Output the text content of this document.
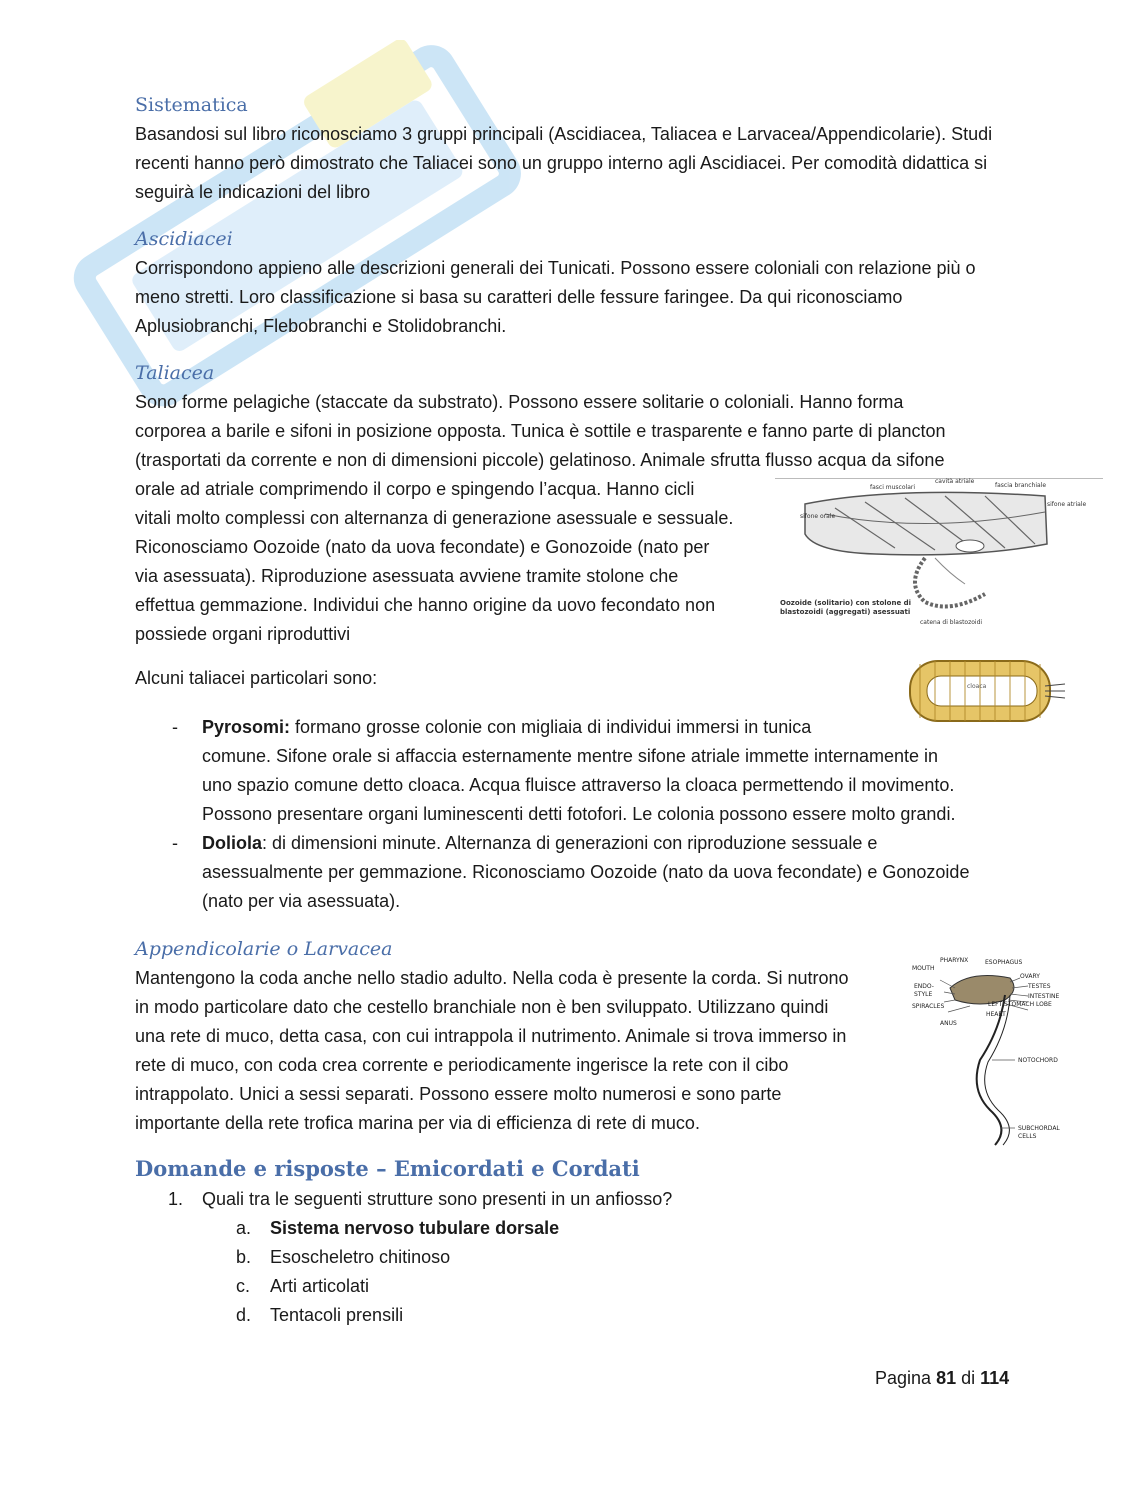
Sistematica

Basandosi sul libro riconosciamo 3 gruppi principali (Ascidiacea, Taliacea e Larvacea/Appendicolarie). Studi recenti hanno però dimostrato che Taliacei sono un gruppo interno agli Ascidiacei. Per comodità didattica si seguirà le indicazioni del libro

Ascidiacei

Corrispondono appieno alle descrizioni generali dei Tunicati. Possono essere coloniali con relazione più o meno stretti. Loro classificazione si basa su caratteri delle fessure faringee. Da qui riconosciamo Aplusiobranchi, Flebobranchi e Stolidobranchi.

Taliacea
Sono forme pelagiche (staccate da substrato). Possono essere solitarie o coloniali. Hanno forma
corporea a barile e sifoni in posizione opposta. Tunica è sottile e trasparente e fanno parte di plancton
(trasportati da corrente e non di dimensioni piccole) gelatinoso. Animale sfrutta flusso acqua da sifone
orale ad atriale comprimendo il corpo e spingendo l’acqua. Hanno cicli
vitali molto complessi con alternanza di generazione asessuale e sessuale.
Riconosciamo Oozoide (nato da uova fecondate) e Gonozoide (nato per
via asessuata). Riproduzione asessuata avviene tramite stolone che
effettua gemmazione. Individui che hanno origine da uovo fecondato non
possiede organi riproduttivi
fasci muscolari
cavità atriale
fascia branchiale
sifone atriale
sifone orale
Oozoide (solitario) con stolone di
blastozoidi (aggregati) asessuati
catena di blastozoidi
Alcuni taliacei particolari sono:	cloaca
- Pyrosomi: formano grosse colonie con migliaia di individui immersi in tunica
comune. Sifone orale si affaccia esternamente mentre sifone atriale immette internamente in
uno spazio comune detto cloaca. Acqua fluisce attraverso la cloaca permettendo il movimento.
Possono presentare organi luminescenti detti fotofori. Le colonia possono essere molto grandi.
- Doliola: di dimensioni minute. Alternanza di generazioni con riproduzione sessuale e
asessualmente per gemmazione. Riconosciamo Oozoide (nato da uova fecondate) e Gonozoide
(nato per via asessuata).
Appendicolarie o Larvacea
Mantengono la coda anche nello stadio adulto. Nella coda è presente la corda. Si nutrono
in modo particolare dato che cestello branchiale non è ben sviluppato. Utilizzano quindi
una rete di muco, detta casa, con cui intrappola il nutrimento. Animale si trova immerso in
rete di muco, con coda crea corrente e periodicamente ingerisce la rete con il cibo
intrappolato. Unici a sessi separati. Possono essere molto numerosi e sono parte
importante della rete trofica marina per via di efficienza di rete di muco.
PHARYNX	ESOPHAGUS
MOUTH
OVARY
TESTES
ENDO-
STYLE	INTESTINE
SPIRACLES	LEFT STOMACH LOBE
HEART
ANUS
NOTOCHORD
SUBCHORDAL
CELLS
Domande e risposte – Emicordati e Cordati
1. Quali tra le seguenti strutture sono presenti in un anfiosso?
a. Sistema nervoso tubulare dorsale
b. Esoscheletro chitinoso
c. Arti articolati
d. Tentacoli prensili
Pagina 81 di 114
